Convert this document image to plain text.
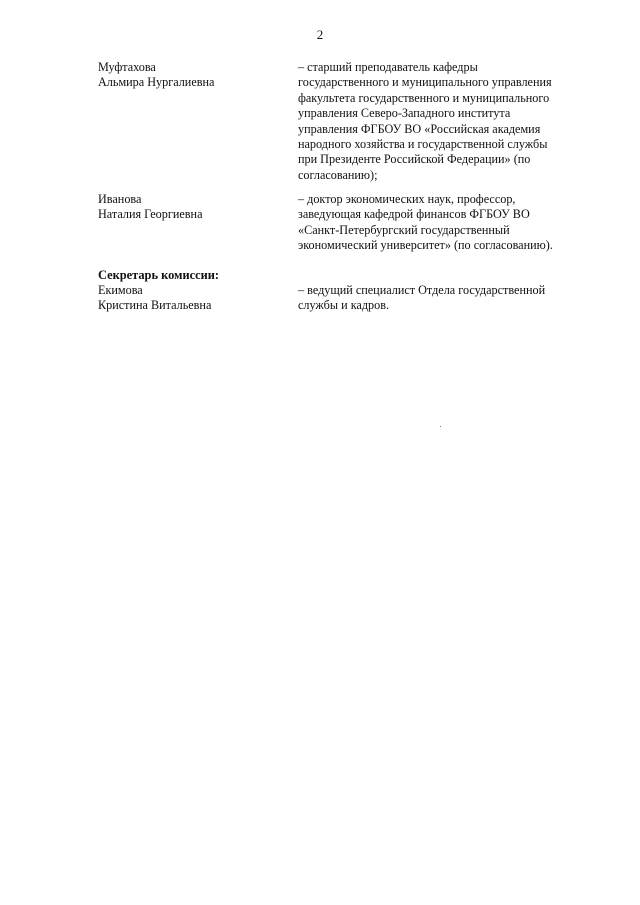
2
Муфтахова
Альмира Нургалиевна
– старший преподаватель кафедры
государственного и муниципального управления
факультета государственного и муниципального
управления Северо-Западного института
управления ФГБОУ ВО «Российская академия
народного хозяйства и государственной службы
при Президенте Российской Федерации» (по
согласованию);
Иванова
Наталия Георгиевна
– доктор экономических наук, профессор,
заведующая кафедрой финансов ФГБОУ ВО
«Санкт-Петербургский государственный
экономический университет» (по согласованию).
Секретарь комиссии:
Екимова
Кристина Витальевна
– ведущий специалист Отдела государственной
службы и кадров.
